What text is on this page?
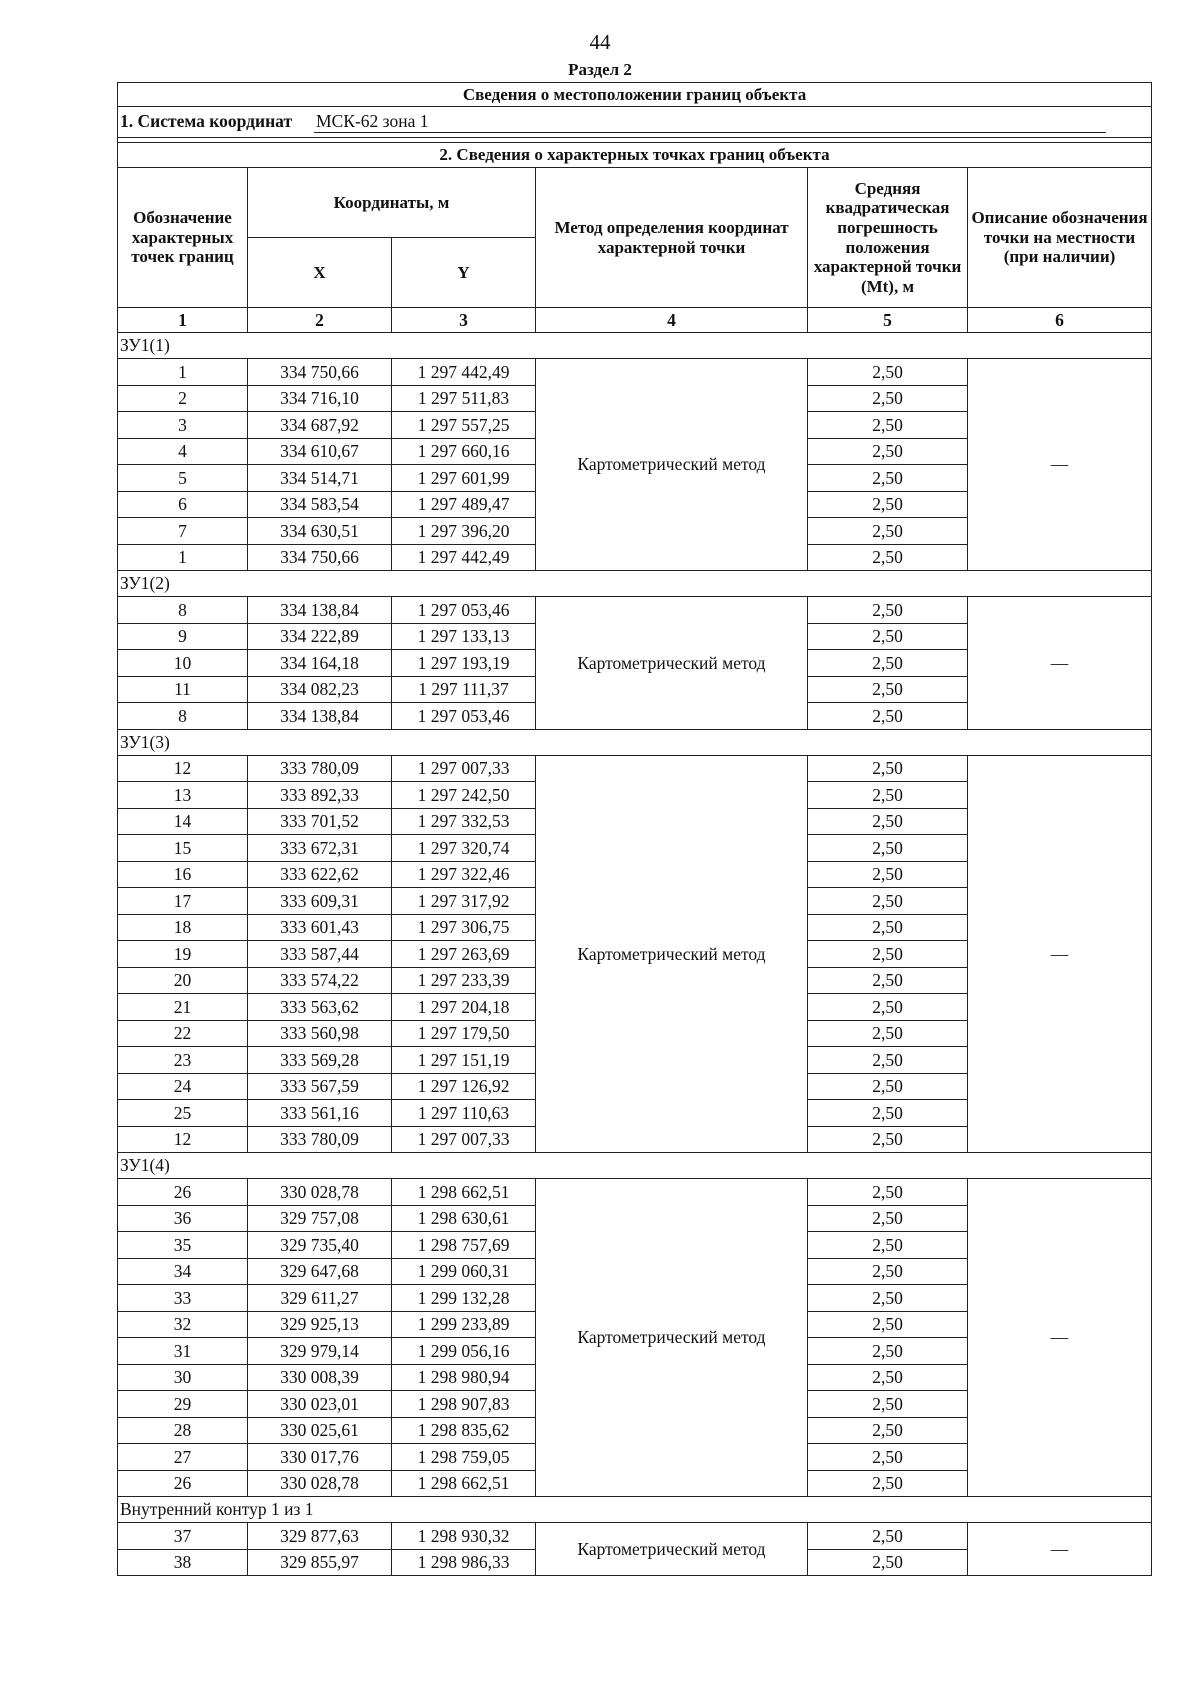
44
Раздел 2
Сведения о местоположении границ объекта					
1. Система координат МСК-62 зона 1					

2. Сведения о характерных точках границ объекта					
Обозначение характерных точек границ	Координаты, м		Метод определения координат характерной точки	Средняя квадратическая погрешность положения характерной точки (Mt), м	Описание обозначения точки на местности (при наличии)
	X	Y			
1	2	3	4	5	6
ЗУ1(1)					
1	334 750,66	1 297 442,49	Картометрический метод	2,50	—
2	334 716,10	1 297 511,83		2,50	
3	334 687,92	1 297 557,25		2,50	
4	334 610,67	1 297 660,16		2,50	
5	334 514,71	1 297 601,99		2,50	
6	334 583,54	1 297 489,47		2,50	
7	334 630,51	1 297 396,20		2,50	
1	334 750,66	1 297 442,49		2,50	
ЗУ1(2)					
8	334 138,84	1 297 053,46	Картометрический метод	2,50	—
9	334 222,89	1 297 133,13		2,50	
10	334 164,18	1 297 193,19		2,50	
11	334 082,23	1 297 111,37		2,50	
8	334 138,84	1 297 053,46		2,50	
ЗУ1(3)					
12	333 780,09	1 297 007,33	Картометрический метод	2,50	—
13	333 892,33	1 297 242,50		2,50	
14	333 701,52	1 297 332,53		2,50	
15	333 672,31	1 297 320,74		2,50	
16	333 622,62	1 297 322,46		2,50	
17	333 609,31	1 297 317,92		2,50	
18	333 601,43	1 297 306,75		2,50	
19	333 587,44	1 297 263,69		2,50	
20	333 574,22	1 297 233,39		2,50	
21	333 563,62	1 297 204,18		2,50	
22	333 560,98	1 297 179,50		2,50	
23	333 569,28	1 297 151,19		2,50	
24	333 567,59	1 297 126,92		2,50	
25	333 561,16	1 297 110,63		2,50	
12	333 780,09	1 297 007,33		2,50	
ЗУ1(4)					
26	330 028,78	1 298 662,51	Картометрический метод	2,50	—
36	329 757,08	1 298 630,61		2,50	
35	329 735,40	1 298 757,69		2,50	
34	329 647,68	1 299 060,31		2,50	
33	329 611,27	1 299 132,28		2,50	
32	329 925,13	1 299 233,89		2,50	
31	329 979,14	1 299 056,16		2,50	
30	330 008,39	1 298 980,94		2,50	
29	330 023,01	1 298 907,83		2,50	
28	330 025,61	1 298 835,62		2,50	
27	330 017,76	1 298 759,05		2,50	
26	330 028,78	1 298 662,51		2,50	
Внутренний контур 1 из 1					
37	329 877,63	1 298 930,32	Картометрический метод	2,50	—
38	329 855,97	1 298 986,33		2,50	
